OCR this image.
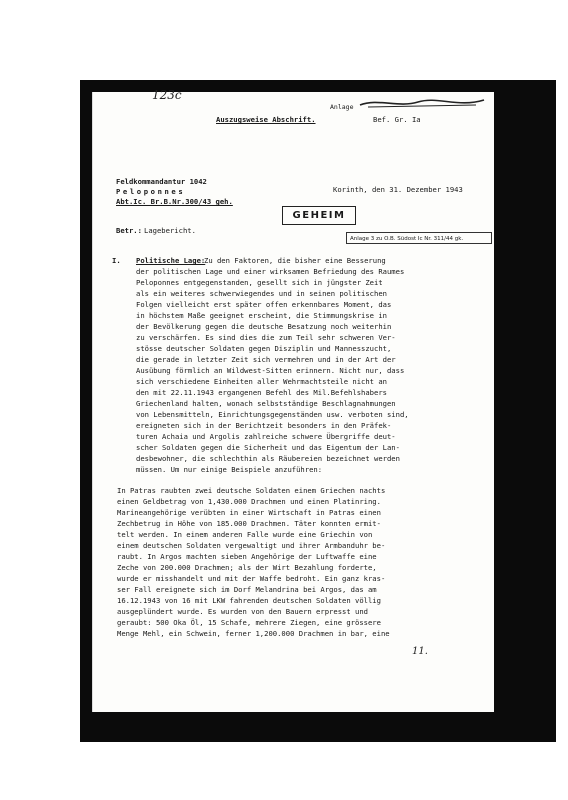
123c
Anlage
Auszugsweise Abschrift.	Bef. Gr. Ia
Feldkommandantur 1042
Peloponnes
Abt.Ic. Br.B.Nr.300/43 geh.
Korinth, den 31. Dezember 1943
GEHEIM
Anlage 3 zu O.B. Südost Ic Nr. 311/44 gk.
Betr.: Lagebericht.
I. Politische Lage:
Zu den Faktoren, die bisher eine Besserung
der politischen Lage und einer wirksamen Befriedung des Raumes
Peloponnes entgegenstanden, gesellt sich in jüngster Zeit
als ein weiteres schwerwiegendes und in seinen politischen
Folgen vielleicht erst später offen erkennbares Moment, das
in höchstem Maße geeignet erscheint, die Stimmungskrise in
der Bevölkerung gegen die deutsche Besatzung noch weiterhin
zu verschärfen. Es sind dies die zum Teil sehr schweren Ver-
stösse deutscher Soldaten gegen Disziplin und Mannesszucht,
die gerade in letzter Zeit sich vermehren und in der Art der
Ausübung förmlich an Wildwest-Sitten erinnern. Nicht nur, dass
sich verschiedene Einheiten aller Wehrmachtsteile nicht an
den mit 22.11.1943 ergangenen Befehl des Mil.Befehlshabers
Griechenland halten, wonach selbstständige Beschlagnahmungen
von Lebensmitteln, Einrichtungsgegenständen usw. verboten sind,
ereigneten sich in der Berichtzeit besonders in den Präfek-
turen Achaia und Argolis zahlreiche schwere Übergriffe deut-
scher Soldaten gegen die Sicherheit und das Eigentum der Lan-
desbewohner, die schlechthin als Räubereien bezeichnet werden
müssen. Um nur einige Beispiele anzuführen:
In Patras raubten zwei deutsche Soldaten einem Griechen nachts
einen Geldbetrag von 1,430.000 Drachmen und einen Platinring.
Marineangehörige verübten in einer Wirtschaft in Patras einen
Zechbetrug in Höhe von 185.000 Drachmen. Täter konnten ermit-
telt werden. In einem anderen Falle wurde eine Griechin von
einem deutschen Soldaten vergewaltigt und ihrer Armbanduhr be-
raubt. In Argos machten sieben Angehörige der Luftwaffe eine
Zeche von 200.000 Drachmen; als der Wirt Bezahlung forderte,
wurde er misshandelt und mit der Waffe bedroht. Ein ganz kras-
ser Fall ereignete sich im Dorf Melandrina bei Argos, das am
16.12.1943 von 16 mit LKW fahrenden deutschen Soldaten völlig
ausgeplündert wurde. Es wurden von den Bauern erpresst und
geraubt: 500 Oka Öl, 15 Schafe, mehrere Ziegen, eine grössere
Menge Mehl, ein Schwein, ferner 1,200.000 Drachmen in bar, eine
11.
